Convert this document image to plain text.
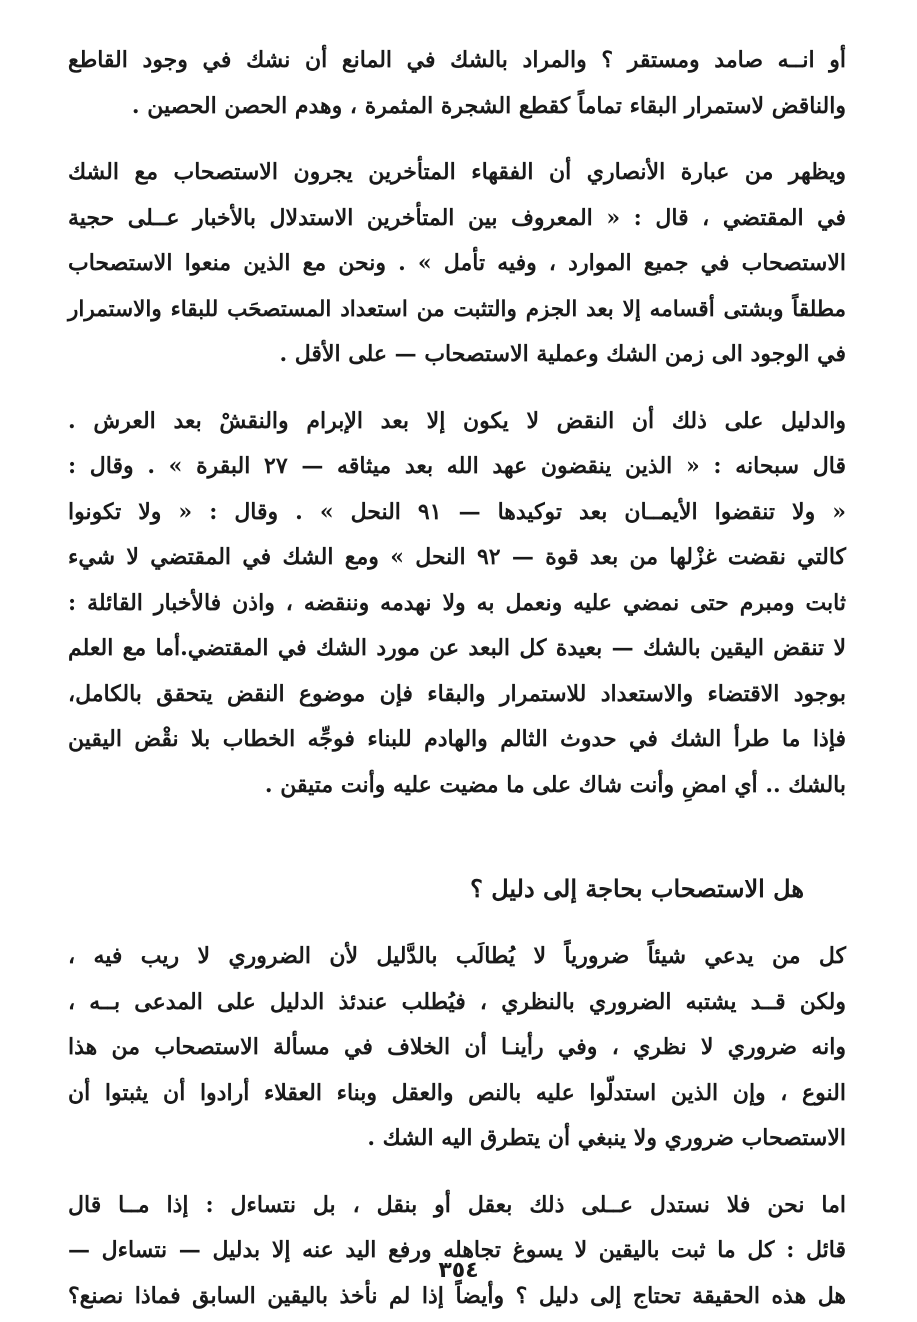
أو انــه صامد ومستقر ؟ والمراد بالشك في المانع أن نشك في وجود القاطع
والناقض لاستمرار البقاء تماماً كقطع الشجرة المثمرة ، وهدم الحصن الحصين .

ويظهر من عبارة الأنصاري أن الفقهاء المتأخرين يجرون الاستصحاب مع الشك
في المقتضي ، قال : « المعروف بين المتأخرين الاستدلال بالأخبار عــلى حجية
الاستصحاب في جميع الموارد ، وفيه تأمل » . ونحن مع الذين منعوا الاستصحاب
مطلقاً وبشتى أقسامه إلا بعد الجزم والتثبت من استعداد المستصحَب للبقاء والاستمرار
في الوجود الى زمن الشك وعملية الاستصحاب — على الأقل .

والدليل على ذلك أن النقض لا يكون إلا بعد الإبرام والنقشْ بعد العرش .
قال سبحانه : « الذين ينقضون عهد الله بعد ميثاقه — ٢٧ البقرة » . وقال :
« ولا تنقضوا الأيمــان بعد توكيدها — ٩١ النحل » . وقال : « ولا تكونوا
كالتي نقضت غزْلها من بعد قوة — ٩٢ النحل » ومع الشك في المقتضي لا شيء
ثابت ومبرم حتى نمضي عليه ونعمل به ولا نهدمه وننقضه ، واذن فالأخبار القائلة :
لا تنقض اليقين بالشك — بعيدة كل البعد عن مورد الشك في المقتضي.أما مع العلم
بوجود الاقتضاء والاستعداد للاستمرار والبقاء فإن موضوع النقض يتحقق بالكامل،
فإذا ما طرأ الشك في حدوث الثالم والهادم للبناء فوجِّه الخطاب بلا نقْض اليقين
بالشك .. أي امضِ وأنت شاك على ما مضيت عليه وأنت متيقن .

هل الاستصحاب بحاجة إلى دليل ؟

كل من يدعي شيئاً ضرورياً لا يُطالَب بالدَّليل لأن الضروري لا ريب فيه ،
ولكن قــد يشتبه الضروري بالنظري ، فيُطلب عندئذ الدليل على المدعى بــه ،
وانه ضروري لا نظري ، وفي رأينـا أن الخلاف في مسألة الاستصحاب من هذا
النوع ، وإن الذين استدلّوا عليه بالنص والعقل وبناء العقلاء أرادوا أن يثبتوا أن
الاستصحاب ضروري ولا ينبغي أن يتطرق اليه الشك .

اما نحن فلا نستدل عــلى ذلك بعقل أو بنقل ، بل نتساءل : إذا مــا قال
قائل : كل ما ثبت باليقين لا يسوغ تجاهله ورفع اليد عنه إلا بدليل — نتساءل —
هل هذه الحقيقة تحتاج إلى دليل ؟ وأيضاً إذا لم نأخذ باليقين السابق فماذا نصنع؟

٣٥٤
